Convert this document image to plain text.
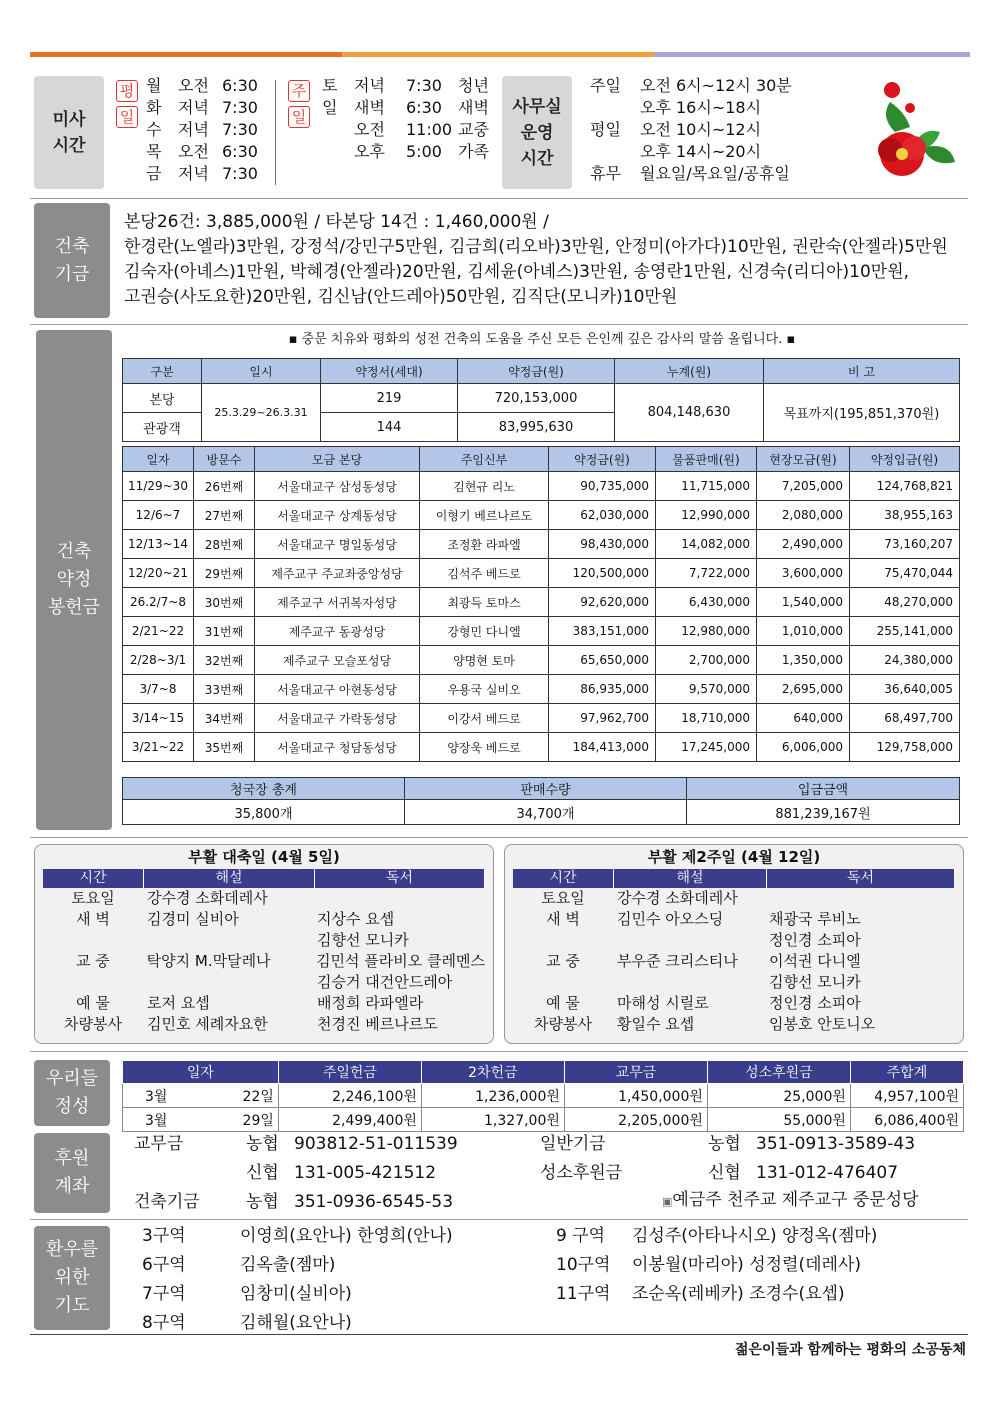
미사
시간
평
일
월	오전 6:30
화	저녁 7:30
수	저녁 7:30
목	오전 6:30
금	저녁 7:30
주
일
토	저녁	7:30	청년
일	새벽	6:30	새벽
오전	11:00 교중
오후	5:00	가족
사무실
운영
시간
주일	오전 6시~12시 30분
오후 16시~18시
평일	오전 10시~12시
오후 14시~20시
휴무	월요일/목요일/공휴일
건축
기금
본당26건: 3,885,000원 / 타본당 14건 : 1,460,000원 /
한경란(노엘라)3만원, 강정석/강민구5만원, 김금희(리오바)3만원, 안정미(아가다)10만원, 권란숙(안젤라)5만원
김숙자(아녜스)1만원, 박혜경(안젤라)20만원, 김세윤(아녜스)3만원, 송영란1만원, 신경숙(리디아)10만원,
고권승(사도요한)20만원, 김신남(안드레아)50만원, 김직단(모니카)10만원
건축
약정
봉헌금
▪ 중문 치유와 평화의 성전 건축의 도움을 주신 모든 은인께 깊은 감사의 말씀 올립니다. ▪
구분	일시	약정서(세대)	약정금(원)	누계(원)	비 고
본당	25.3.29~26.3.31	219	720,153,000	804,148,630	목표까지(195,851,370원)
관광객		144	83,995,630		
일자	방문수	모금 본당	주임신부	약정금(원)	물품판매(원)	현장모금(원)	약정입금(원)
11/29~30	26번째	서울대교구 삼성동성당	김현규 리노	90,735,000	11,715,000	7,205,000	124,768,821
12/6~7	27번째	서울대교구 상계동성당	이형기 베르나르도	62,030,000	12,990,000	2,080,000	38,955,163
12/13~14	28번째	서울대교구 명일동성당	조정환 라파엘	98,430,000	14,082,000	2,490,000	73,160,207
12/20~21	29번째	제주교구 주교좌중앙성당	김석주 베드로	120,500,000	7,722,000	3,600,000	75,470,044
26.2/7~8	30번째	제주교구 서귀복자성당	최광득 토마스	92,620,000	6,430,000	1,540,000	48,270,000
2/21~22	31번째	제주교구 동광성당	강형민 다니엘	383,151,000	12,980,000	1,010,000	255,141,000
2/28~3/1	32번째	제주교구 모슬포성당	양명현 토마	65,650,000	2,700,000	1,350,000	24,380,000
3/7~8	33번째	서울대교구 아현동성당	우용국 실비오	86,935,000	9,570,000	2,695,000	36,640,005
3/14~15	34번째	서울대교구 가락동성당	이강서 베드로	97,962,700	18,710,000	640,000	68,497,700
3/21~22	35번째	서울대교구 청담동성당	양장욱 베드로	184,413,000	17,245,000	6,006,000	129,758,000
청국장 총계	판매수량	입금금액
35,800개	34,700개	881,239,167원
부활 대축일 (4월 5일)
시간	해설	독서
토요일	강수경 소화데레사
새 벽	김경미 실비아	지상수 요셉
김향선 모니카
교 중	탁양지 M.막달레나	김민석 플라비오 클레멘스
김승거 대건안드레아
예 물	로저 요셉	배정희 라파엘라
차량봉사	김민호 세례자요한	천경진 베르나르도
부활 제2주일 (4월 12일)
시간	해설	독서
토요일	강수경 소화데레사
새 벽	김민수 아오스딩	채광국 루비노
정인경 소피아
교 중	부우준 크리스티나	이석권 다니엘
김향선 모니카
예 물	마해성 시릴로	정인경 소피아
차량봉사	황일수 요셉	임봉호 안토니오
우리들
정성
일자		주일헌금	2차헌금	교무금	성소후원금	주합계
3월	22일	2,246,100원	1,236,000원	1,450,000원	25,000원	4,957,100원
3월	29일	2,499,400원	1,327,00원	2,205,000원	55,000원	6,086,400원
후원
계좌
교무금	농협 903812-51-011539
신협 131-005-421512
건축기금	농협 351-0936-6545-53
일반기금	농협 351-0913-3589-43
성소후원금	신협 131-012-476407
▣예금주 천주교 제주교구 중문성당
환우를
위한
기도
3구역	이영희(요안나) 한영희(안나)
6구역	김옥출(젬마)
7구역	임창미(실비아)
8구역	김해월(요안나)
9 구역	김성주(아타나시오) 양정옥(젬마)
10구역	이봉월(마리아) 성정렬(데레사)
11구역	조순옥(레베카) 조경수(요셉)
젊은이들과 함께하는 평화의 소공동체
